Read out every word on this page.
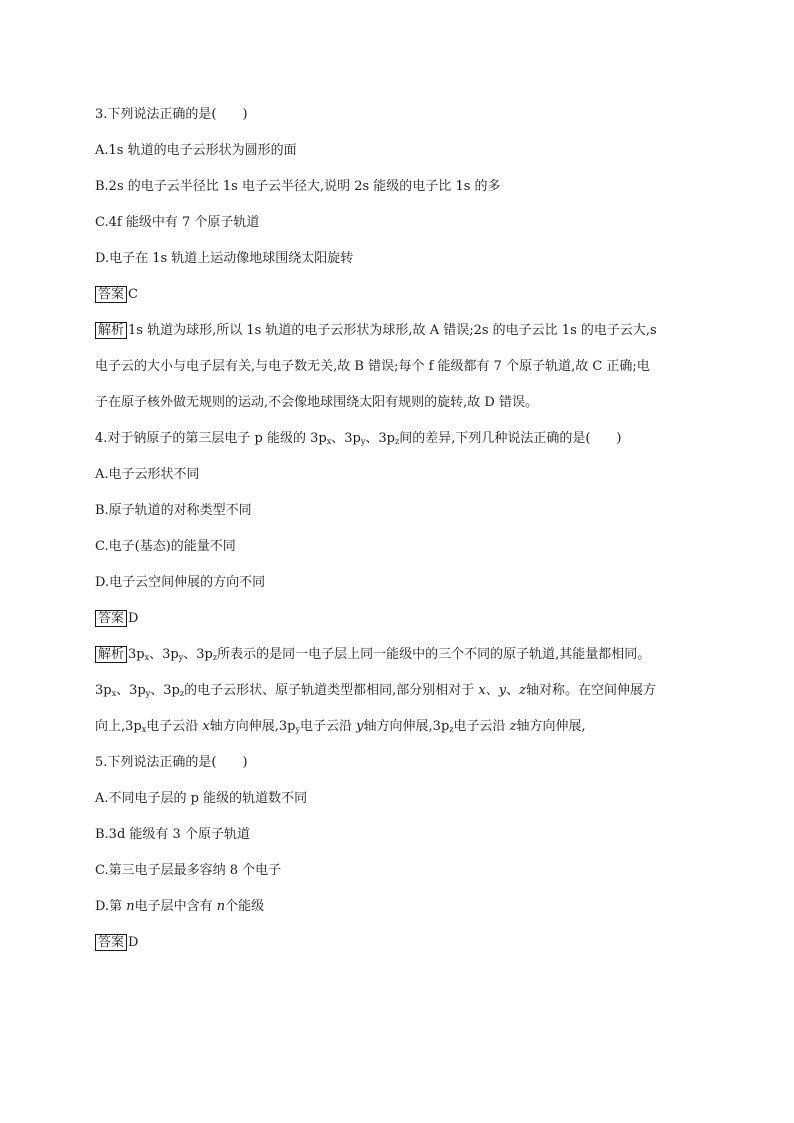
3.下列说法正确的是(　　)
A.1s 轨道的电子云形状为圆形的面
B.2s 的电子云半径比 1s 电子云半径大,说明 2s 能级的电子比 1s 的多
C.4f 能级中有 7 个原子轨道
D.电子在 1s 轨道上运动像地球围绕太阳旋转
答案 C
解析 1s 轨道为球形,所以 1s 轨道的电子云形状为球形,故 A 错误;2s 的电子云比 1s 的电子云大,s
电子云的大小与电子层有关,与电子数无关,故 B 错误;每个 f 能级都有 7 个原子轨道,故 C 正确;电
子在原子核外做无规则的运动,不会像地球围绕太阳有规则的旋转,故 D 错误。
4.对于钠原子的第三层电子 p 能级的 $3p_x$、$3p_y$、$3p_z$间的差异,下列几种说法正确的是(　　)
A.电子云形状不同
B.原子轨道的对称类型不同
C.电子(基态)的能量不同
D.电子云空间伸展的方向不同
答案 D
解析 $3p_x$、$3p_y$、$3p_z$所表示的是同一电子层上同一能级中的三个不同的原子轨道,其能量都相同。
$3p_x$、$3p_y$、$3p_z$的电子云形状、原子轨道类型都相同,部分别相对于 x、y、z轴对称。在空间伸展方
向上$,3p_x$电子云沿 x轴方向伸展$,3p_y$电子云沿 y轴方向伸展$,3p_z$电子云沿 z轴方向伸展,
5.下列说法正确的是(　　)
A.不同电子层的 p 能级的轨道数不同
B.3d 能级有 3 个原子轨道
C.第三电子层最多容纳 8 个电子
D.第 n电子层中含有 n个能级
答案 D
